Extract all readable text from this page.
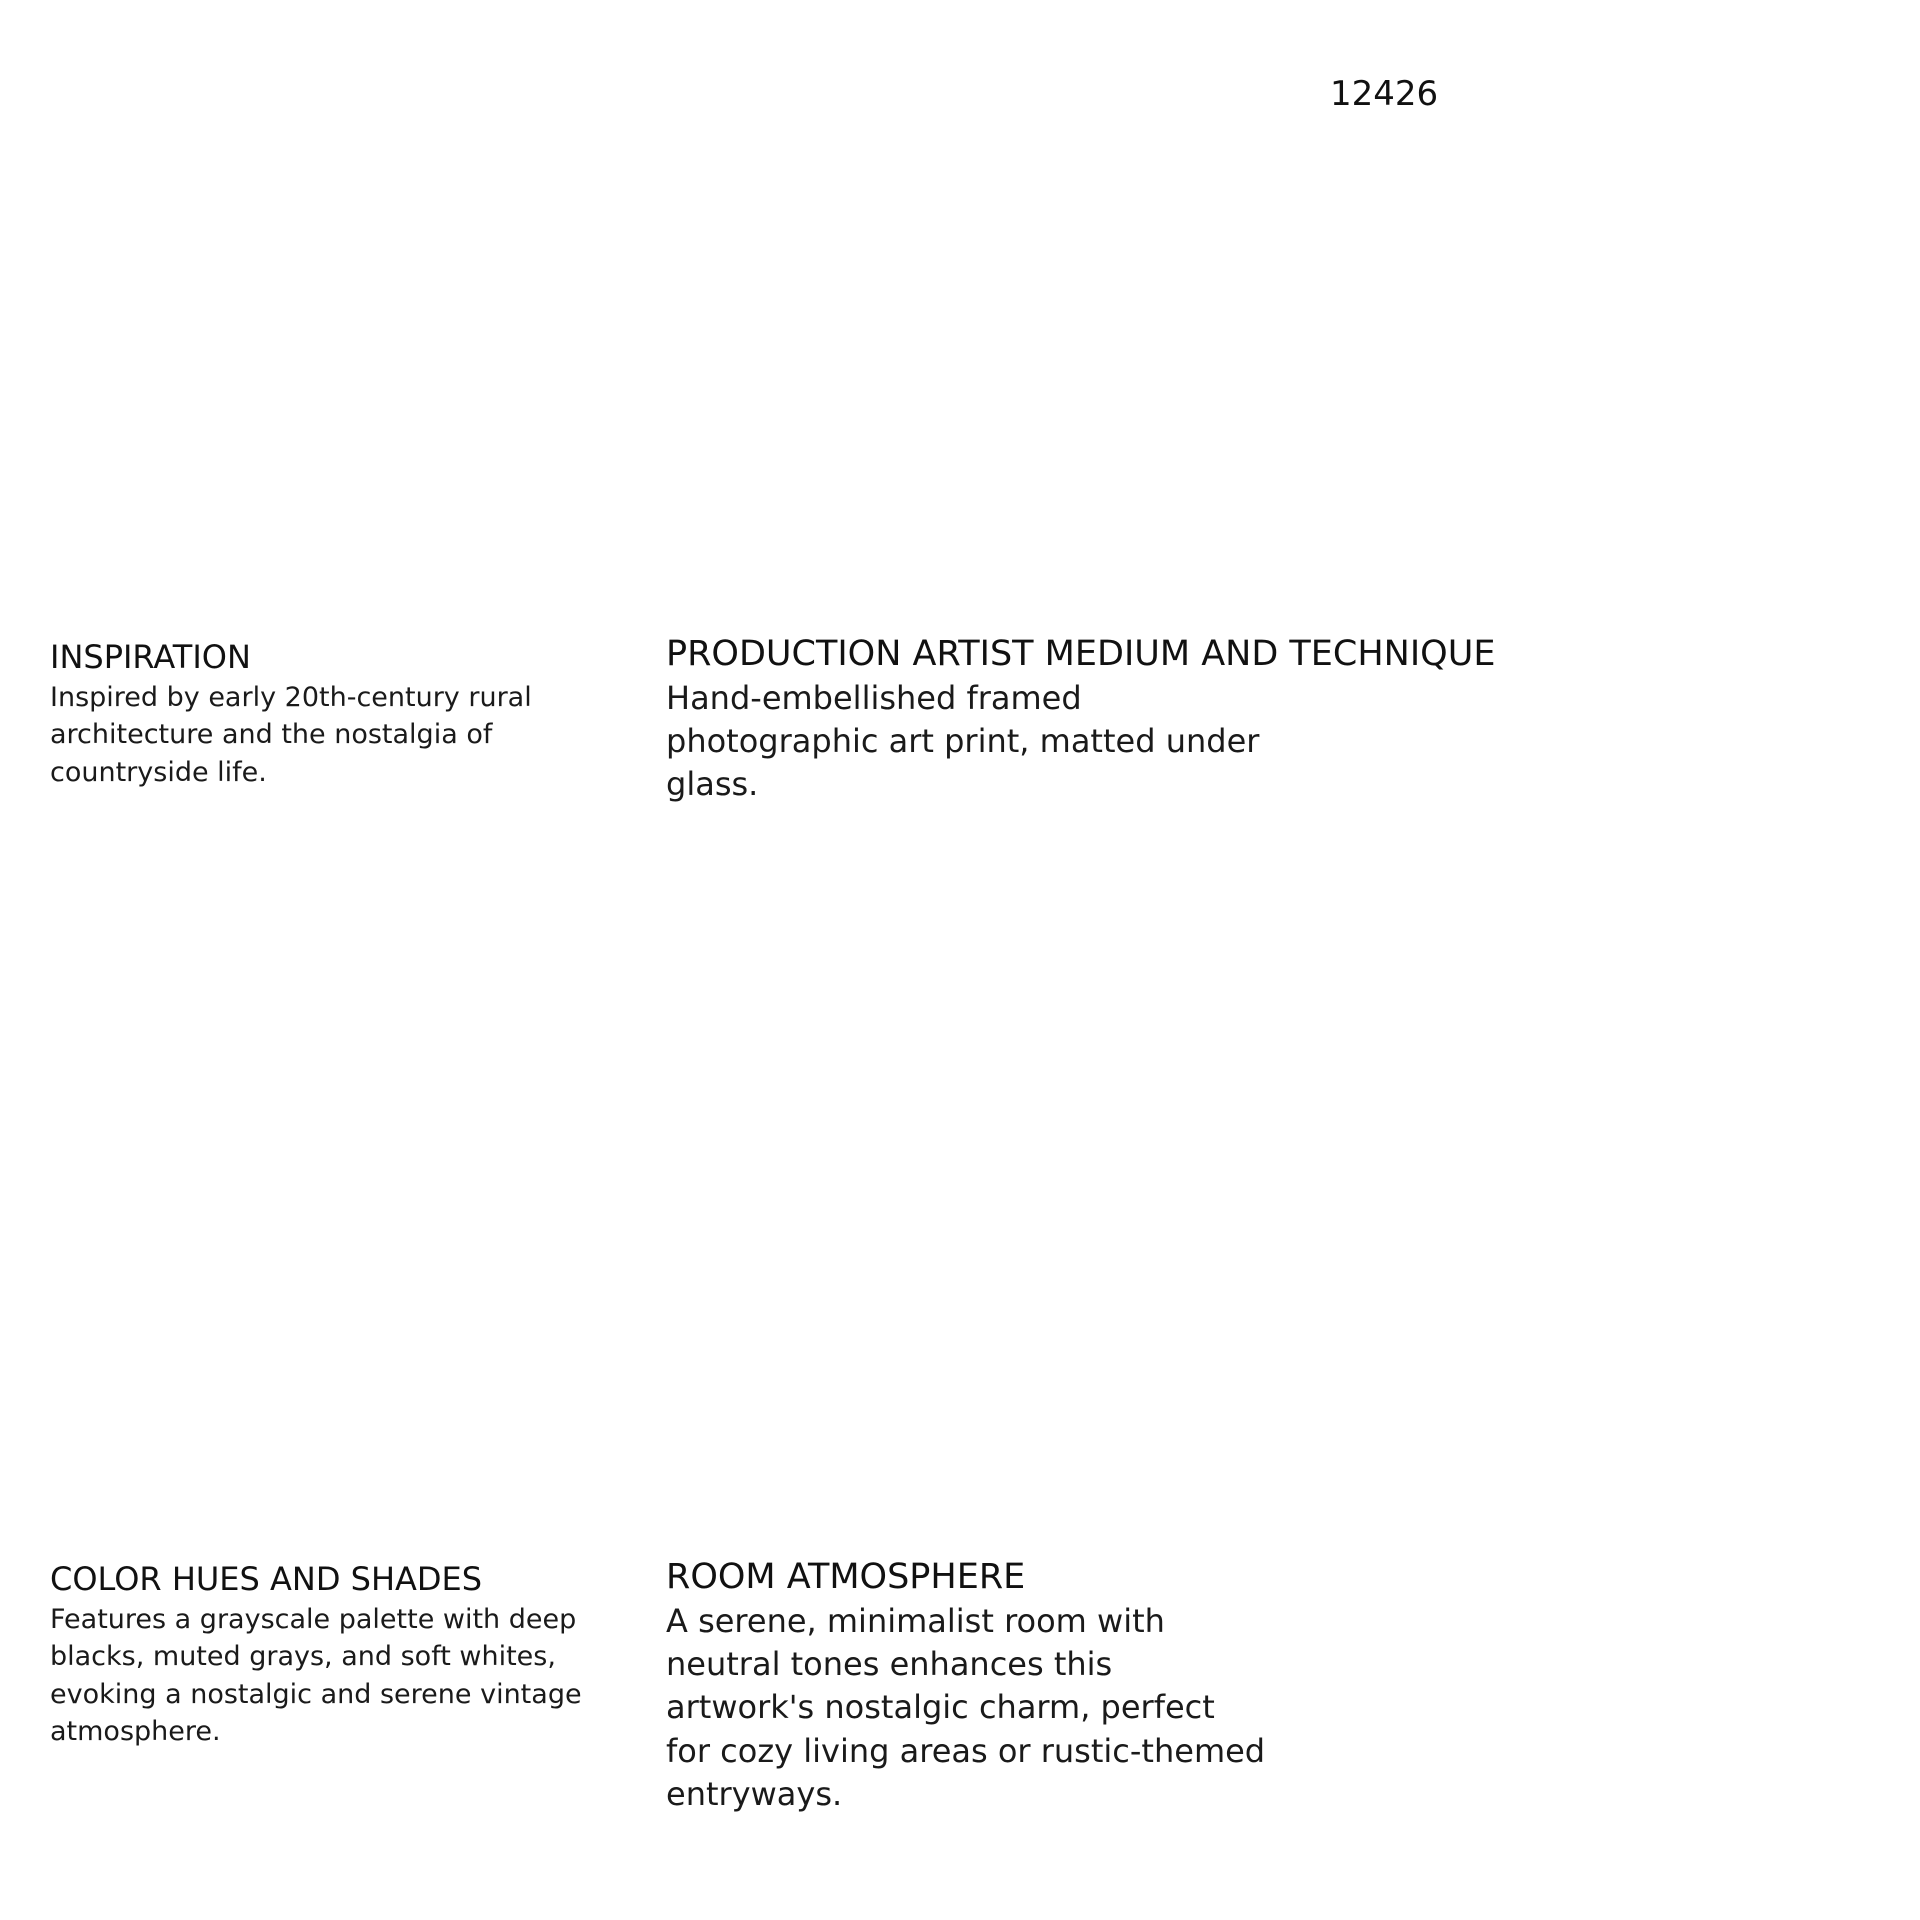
12426
INSPIRATION

Inspired by early 20th-century rural architecture and the nostalgia of countryside life.

PRODUCTION ARTIST MEDIUM AND TECHNIQUE

Hand-embellished framed photographic art print, matted under glass.

COLOR HUES AND SHADES

Features a grayscale palette with deep blacks, muted grays, and soft whites, evoking a nostalgic and serene vintage atmosphere.

ROOM ATMOSPHERE

A serene, minimalist room with neutral tones enhances this artwork's nostalgic charm, perfect for cozy living areas or rustic-themed entryways.
